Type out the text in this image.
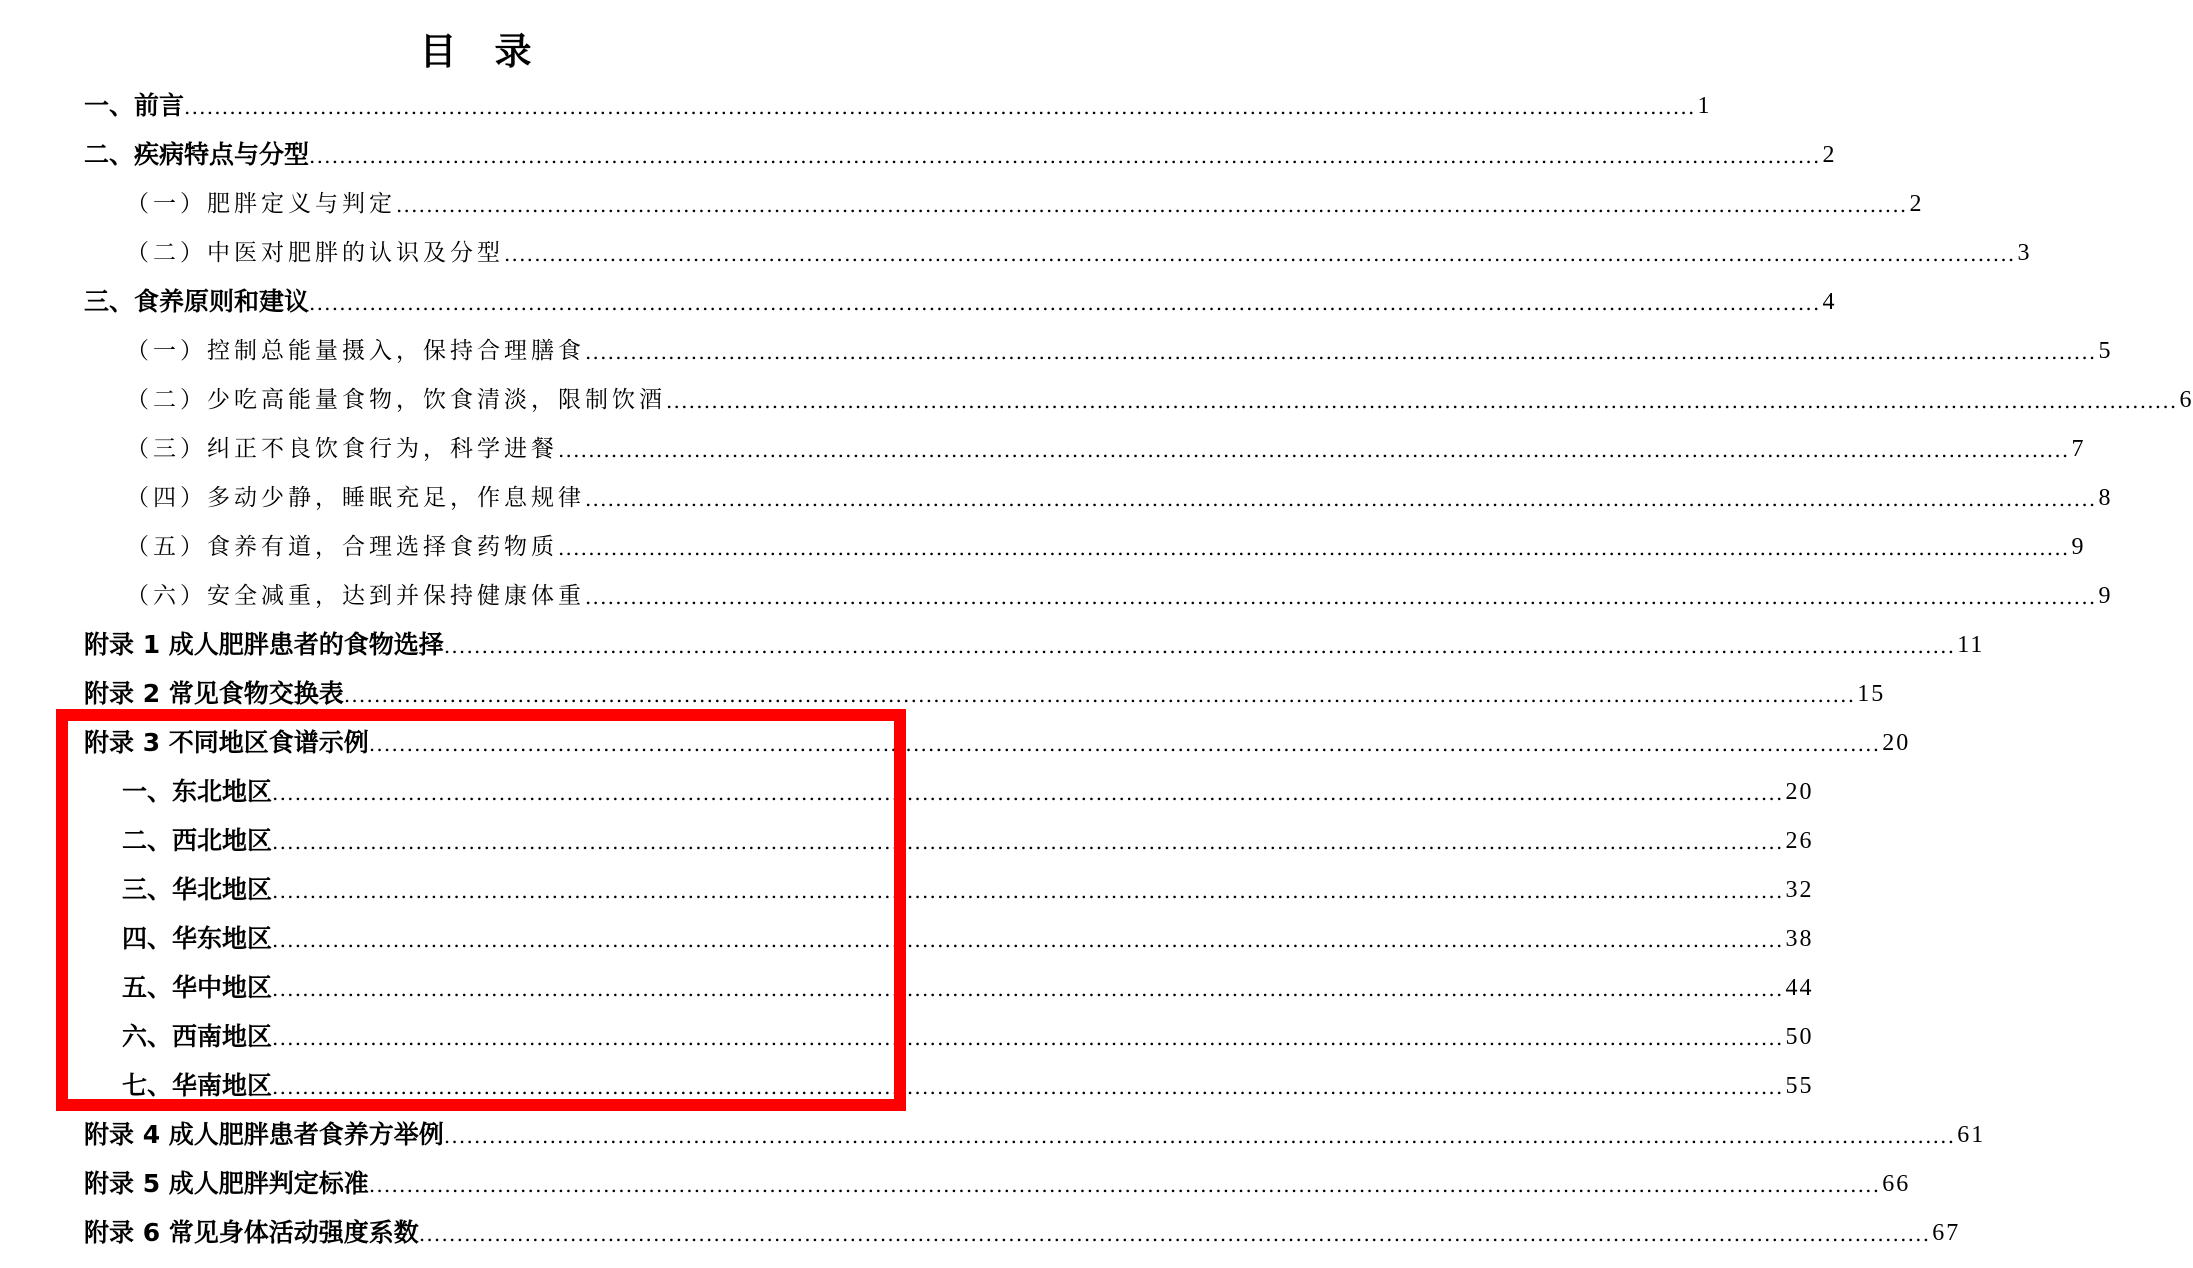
目 录
一、前言 ........................................................................................................................................................................................................ 1
二、疾病特点与分型 ........................................................................................................................................................................................................ 2
（一）肥胖定义与判定 ........................................................................................................................................................................................................ 2
（二）中医对肥胖的认识及分型 ........................................................................................................................................................................................................ 3
三、食养原则和建议 ........................................................................................................................................................................................................ 4
（一）控制总能量摄入，保持合理膳食 ........................................................................................................................................................................................................ 5
（二）少吃高能量食物，饮食清淡，限制饮酒 ........................................................................................................................................................................................................ 6
（三）纠正不良饮食行为，科学进餐 ........................................................................................................................................................................................................ 7
（四）多动少静，睡眠充足，作息规律 ........................................................................................................................................................................................................ 8
（五）食养有道，合理选择食药物质 ........................................................................................................................................................................................................ 9
（六）安全减重，达到并保持健康体重 ........................................................................................................................................................................................................ 9
附录 1 成人肥胖患者的食物选择 ........................................................................................................................................................................................................ 11
附录 2 常见食物交换表 ........................................................................................................................................................................................................ 15
附录 3 不同地区食谱示例 ........................................................................................................................................................................................................ 20
一、东北地区 ........................................................................................................................................................................................................ 20
二、西北地区 ........................................................................................................................................................................................................ 26
三、华北地区 ........................................................................................................................................................................................................ 32
四、华东地区 ........................................................................................................................................................................................................ 38
五、华中地区 ........................................................................................................................................................................................................ 44
六、西南地区 ........................................................................................................................................................................................................ 50
七、华南地区 ........................................................................................................................................................................................................ 55
附录 4 成人肥胖患者食养方举例 ........................................................................................................................................................................................................ 61
附录 5 成人肥胖判定标准 ........................................................................................................................................................................................................ 66
附录 6 常见身体活动强度系数 ........................................................................................................................................................................................................ 67
